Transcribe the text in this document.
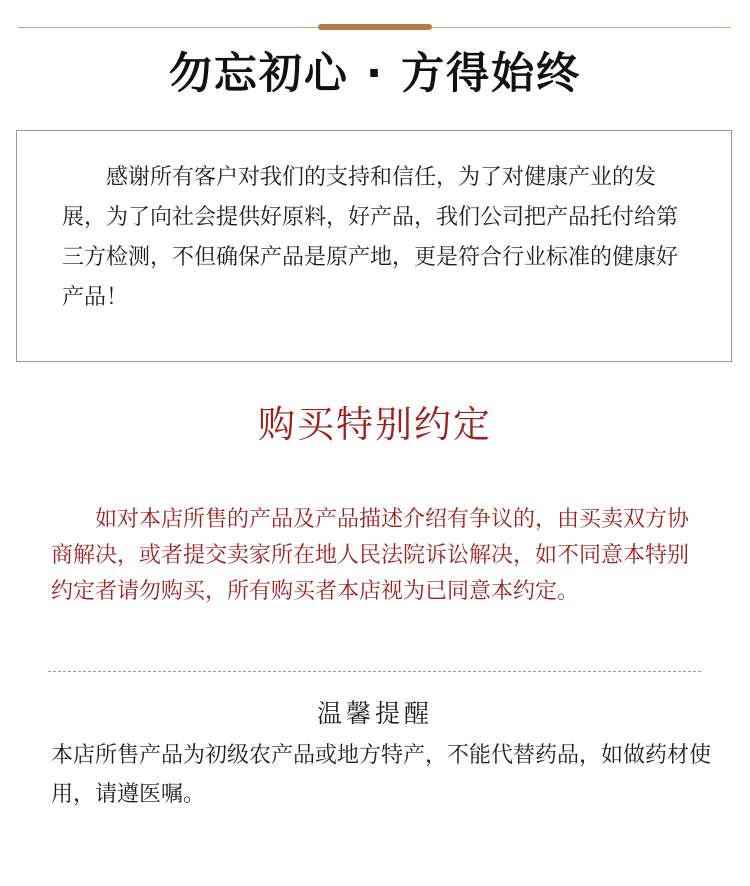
勿忘初心 · 方得始终

感谢所有客户对我们的支持和信任，为了对健康产业的发展，为了向社会提供好原料，好产品，我们公司把产品托付给第三方检测，不但确保产品是原产地，更是符合行业标准的健康好产品！

购买特别约定

如对本店所售的产品及产品描述介绍有争议的，由买卖双方协商解决，或者提交卖家所在地人民法院诉讼解决，如不同意本特别约定者请勿购买，所有购买者本店视为已同意本约定。

温馨提醒

本店所售产品为初级农产品或地方特产，不能代替药品，如做药材使用，请遵医嘱。
